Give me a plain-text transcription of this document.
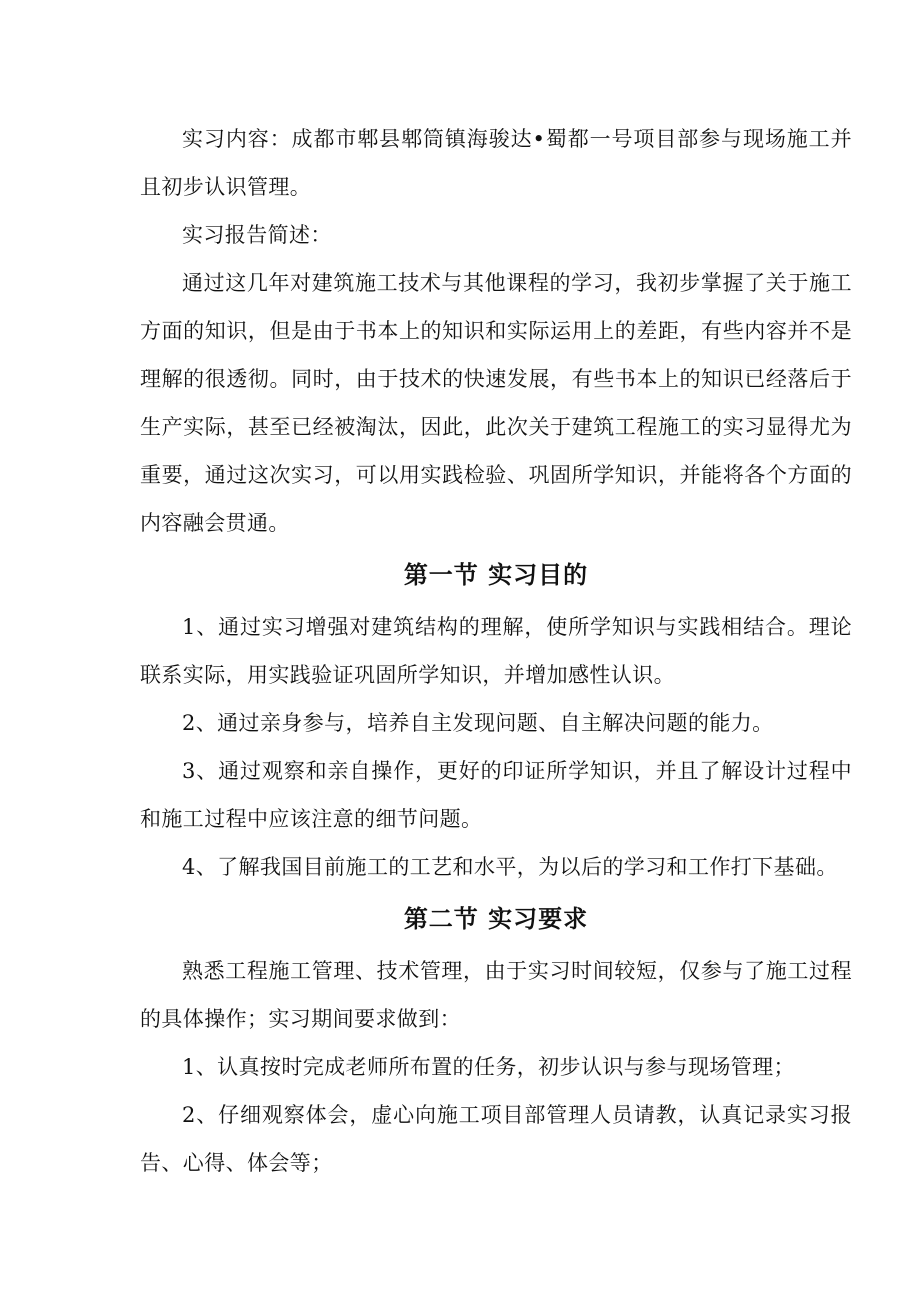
实习内容：成都市郫县郫筒镇海骏达•蜀都一号项目部参与现场施工并且初步认识管理。

实习报告简述：

通过这几年对建筑施工技术与其他课程的学习，我初步掌握了关于施工方面的知识，但是由于书本上的知识和实际运用上的差距，有些内容并不是理解的很透彻。同时，由于技术的快速发展，有些书本上的知识已经落后于生产实际，甚至已经被淘汰，因此，此次关于建筑工程施工的实习显得尤为重要，通过这次实习，可以用实践检验、巩固所学知识，并能将各个方面的内容融会贯通。

第一节 实习目的

1、通过实习增强对建筑结构的理解，使所学知识与实践相结合。理论联系实际，用实践验证巩固所学知识，并增加感性认识。

2、通过亲身参与，培养自主发现问题、自主解决问题的能力。

3、通过观察和亲自操作，更好的印证所学知识，并且了解设计过程中和施工过程中应该注意的细节问题。

4、了解我国目前施工的工艺和水平，为以后的学习和工作打下基础。

第二节 实习要求

熟悉工程施工管理、技术管理，由于实习时间较短，仅参与了施工过程的具体操作；实习期间要求做到：

1、认真按时完成老师所布置的任务，初步认识与参与现场管理；

2、仔细观察体会，虚心向施工项目部管理人员请教，认真记录实习报告、心得、体会等；
